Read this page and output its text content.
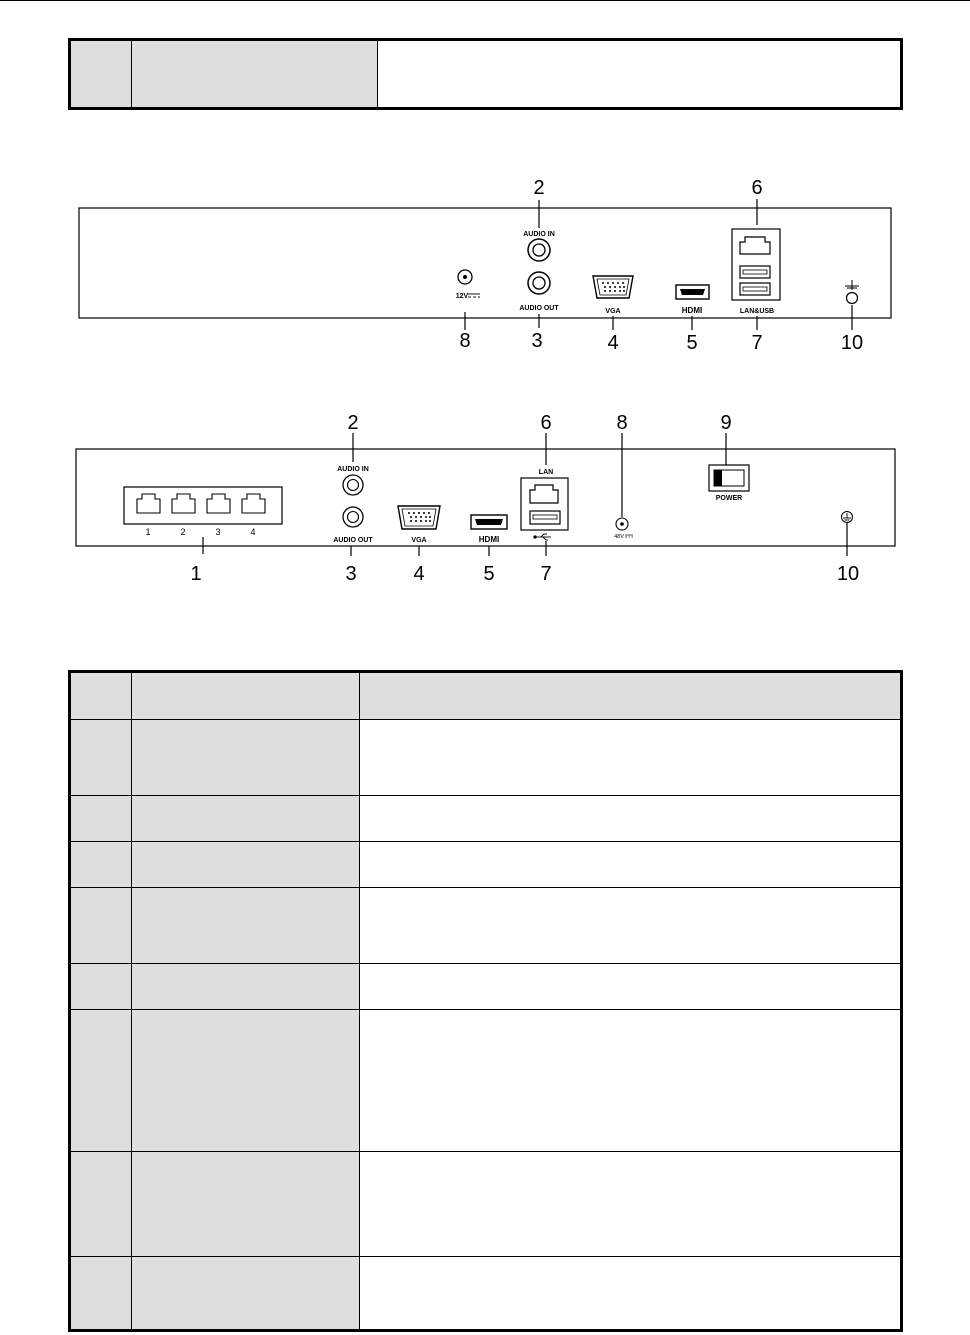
AUDIO IN
AUDIO OUT
12V
VGA	HDMI	LAN&USB
2	6
8	3	4	5	7	10
1	2	3	4
AUDIO IN
AUDIO OUT	VGA	HDMI
LAN
48V
POWER
2	6	8	9
1	3	4	5 7	10
